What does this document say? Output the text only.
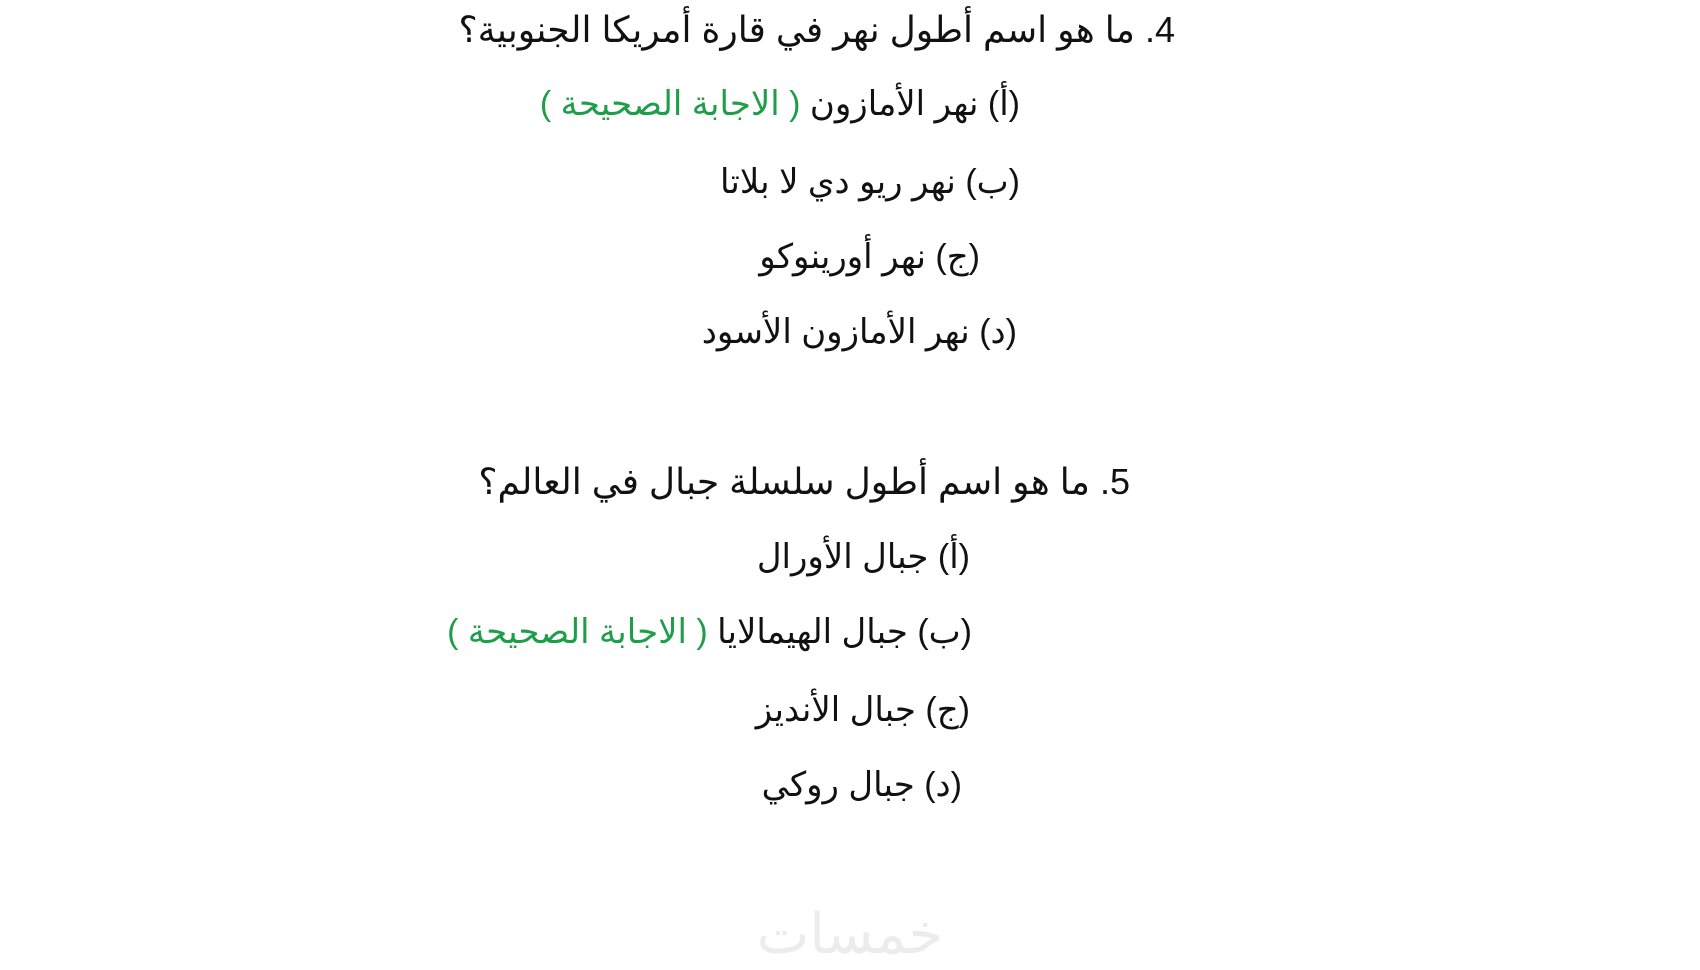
4. ما هو اسم أطول نهر في قارة أمريكا الجنوبية؟
(أ) نهر الأمازون ( الاجابة الصحيحة )
(ب) نهر ريو دي لا بلاتا
(ج) نهر أورينوكو
(د) نهر الأمازون الأسود
5. ما هو اسم أطول سلسلة جبال في العالم؟
(أ) جبال الأورال
(ب) جبال الهيمالايا ( الاجابة الصحيحة )
(ج) جبال الأنديز
(د) جبال روكي
خمسات
